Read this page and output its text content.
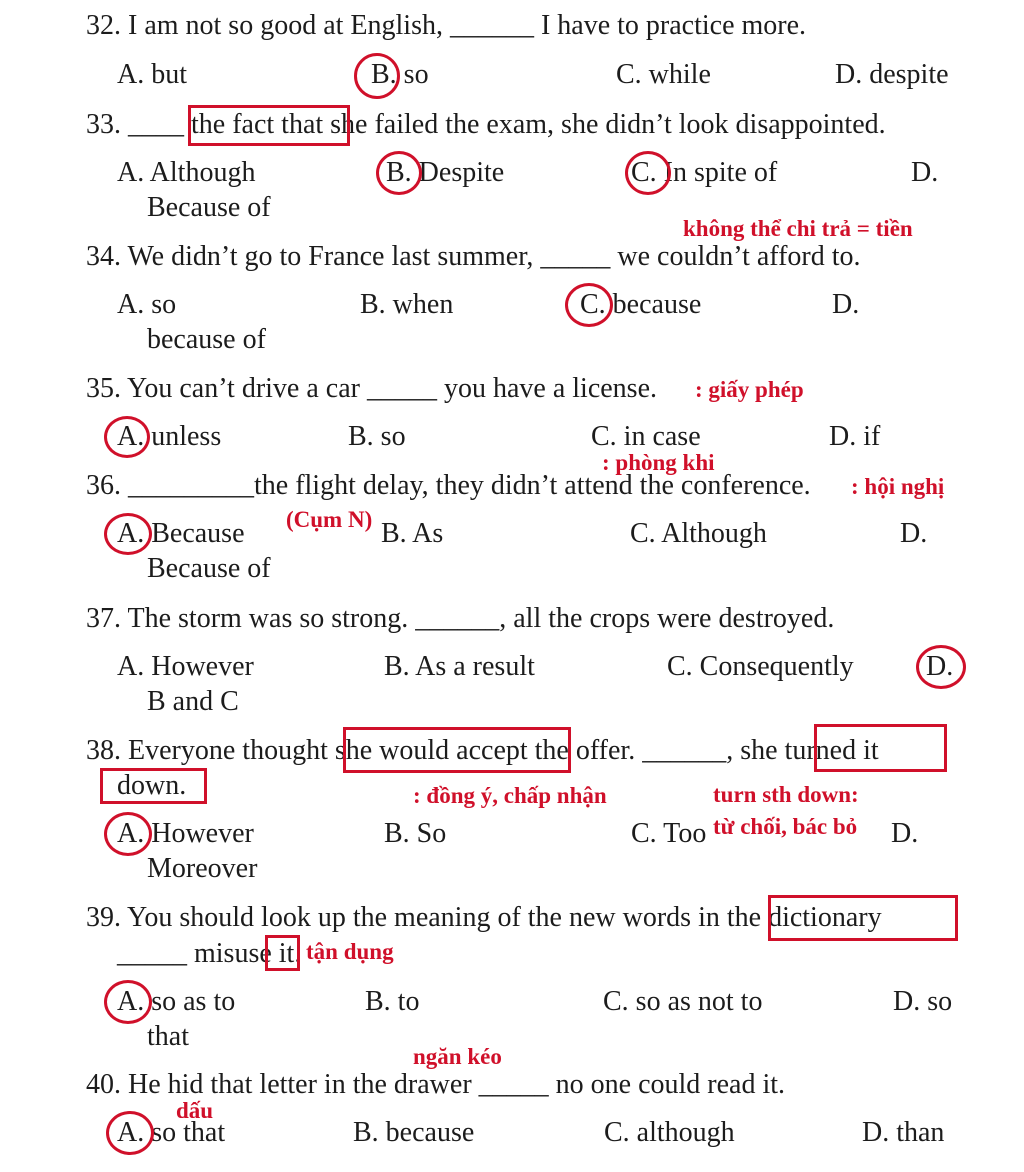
32. I am not so good at English, ______ I have to practice more.
A. but	B. so	C. while	D. despite
33. ____ the fact that she failed the exam, she didn’t look disappointed.
A. Although	B. Despite	C. In spite of	D.
Because of
không thể chi trả = tiền
34. We didn’t go to France last summer, _____ we couldn’t afford to.
A. so	B. when	C. because	D.
because of
35. You can’t drive a car _____ you have a license. : giấy phép
A. unless	B. so	C. in case	D. if
: phòng khi
36. _________the flight delay, they didn’t attend the conference. : hội nghị
(Cụm N)
A. Because	B. As	C. Although	D.
Because of
37. The storm was so strong. ______, all the crops were destroyed.
A. However	B. As a result	C. Consequently	D.
B and C
38. Everyone thought she would accept the offer. ______, she turned it
down.	: đồng ý, chấp nhận	turn sth down:
từ chối, bác bỏ
A. However	B. So	C. Too	D.
Moreover
39. You should look up the meaning of the new words in the dictionary
_____ misuse it. tận dụng
A. so as to	B. to	C. so as not to	D. so
that
ngăn kéo
40. He hid that letter in the drawer _____ no one could read it.
dấu
A. so that	B. because	C. although	D. than
